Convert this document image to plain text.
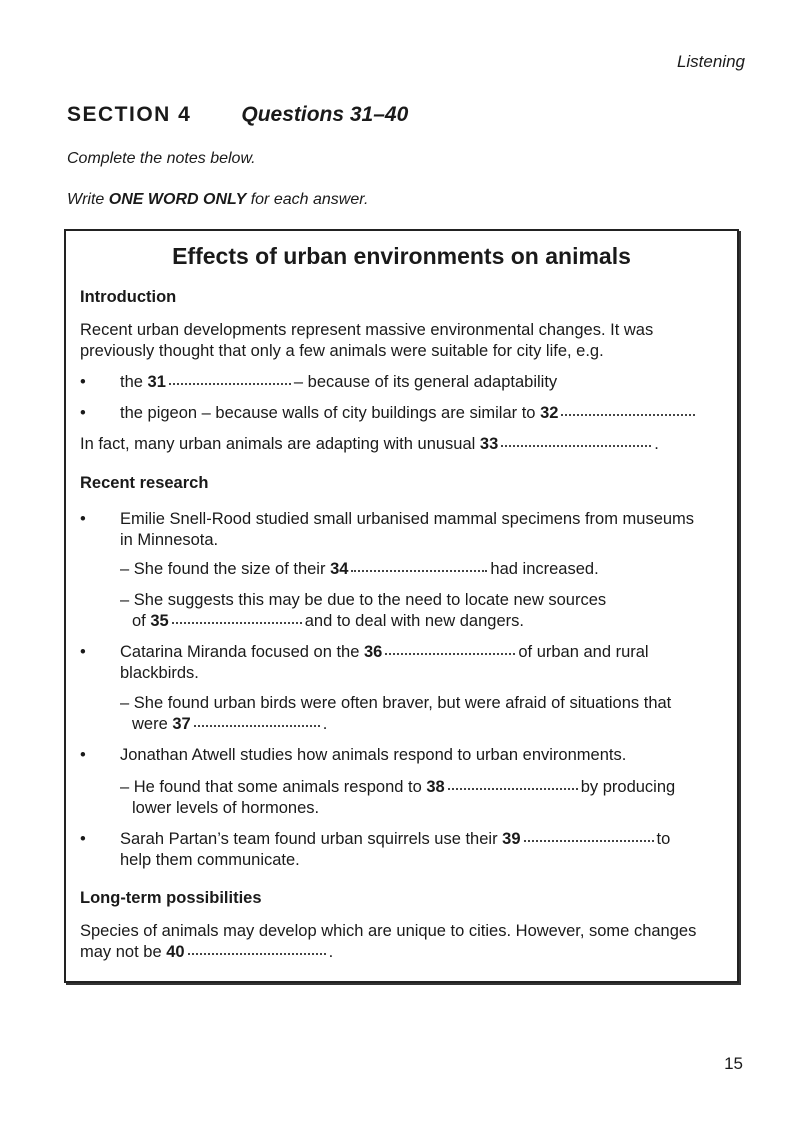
Listening
SECTION 4 Questions 31–40
Complete the notes below.
Write ONE WORD ONLY for each answer.
Effects of urban environments on animals
Introduction
Recent urban developments represent massive environmental changes. It was
previously thought that only a few animals were suitable for city life, e.g.
• the 31	– because of its general adaptability
• the pigeon – because walls of city buildings are similar to 32
In fact, many urban animals are adapting with unusual 33	.
Recent research
• Emilie Snell-Rood studied small urbanised mammal specimens from museums
in Minnesota.
– She found the size of their 34	had increased.
– She suggests this may be due to the need to locate new sources
of 35	and to deal with new dangers.
• Catarina Miranda focused on the 36	of urban and rural
blackbirds.
– She found urban birds were often braver, but were afraid of situations that
were 37	.
• Jonathan Atwell studies how animals respond to urban environments.
– He found that some animals respond to 38	by producing
lower levels of hormones.
• Sarah Partan’s team found urban squirrels use their 39	to
help them communicate.
Long-term possibilities
Species of animals may develop which are unique to cities. However, some changes
may not be 40	.
15
